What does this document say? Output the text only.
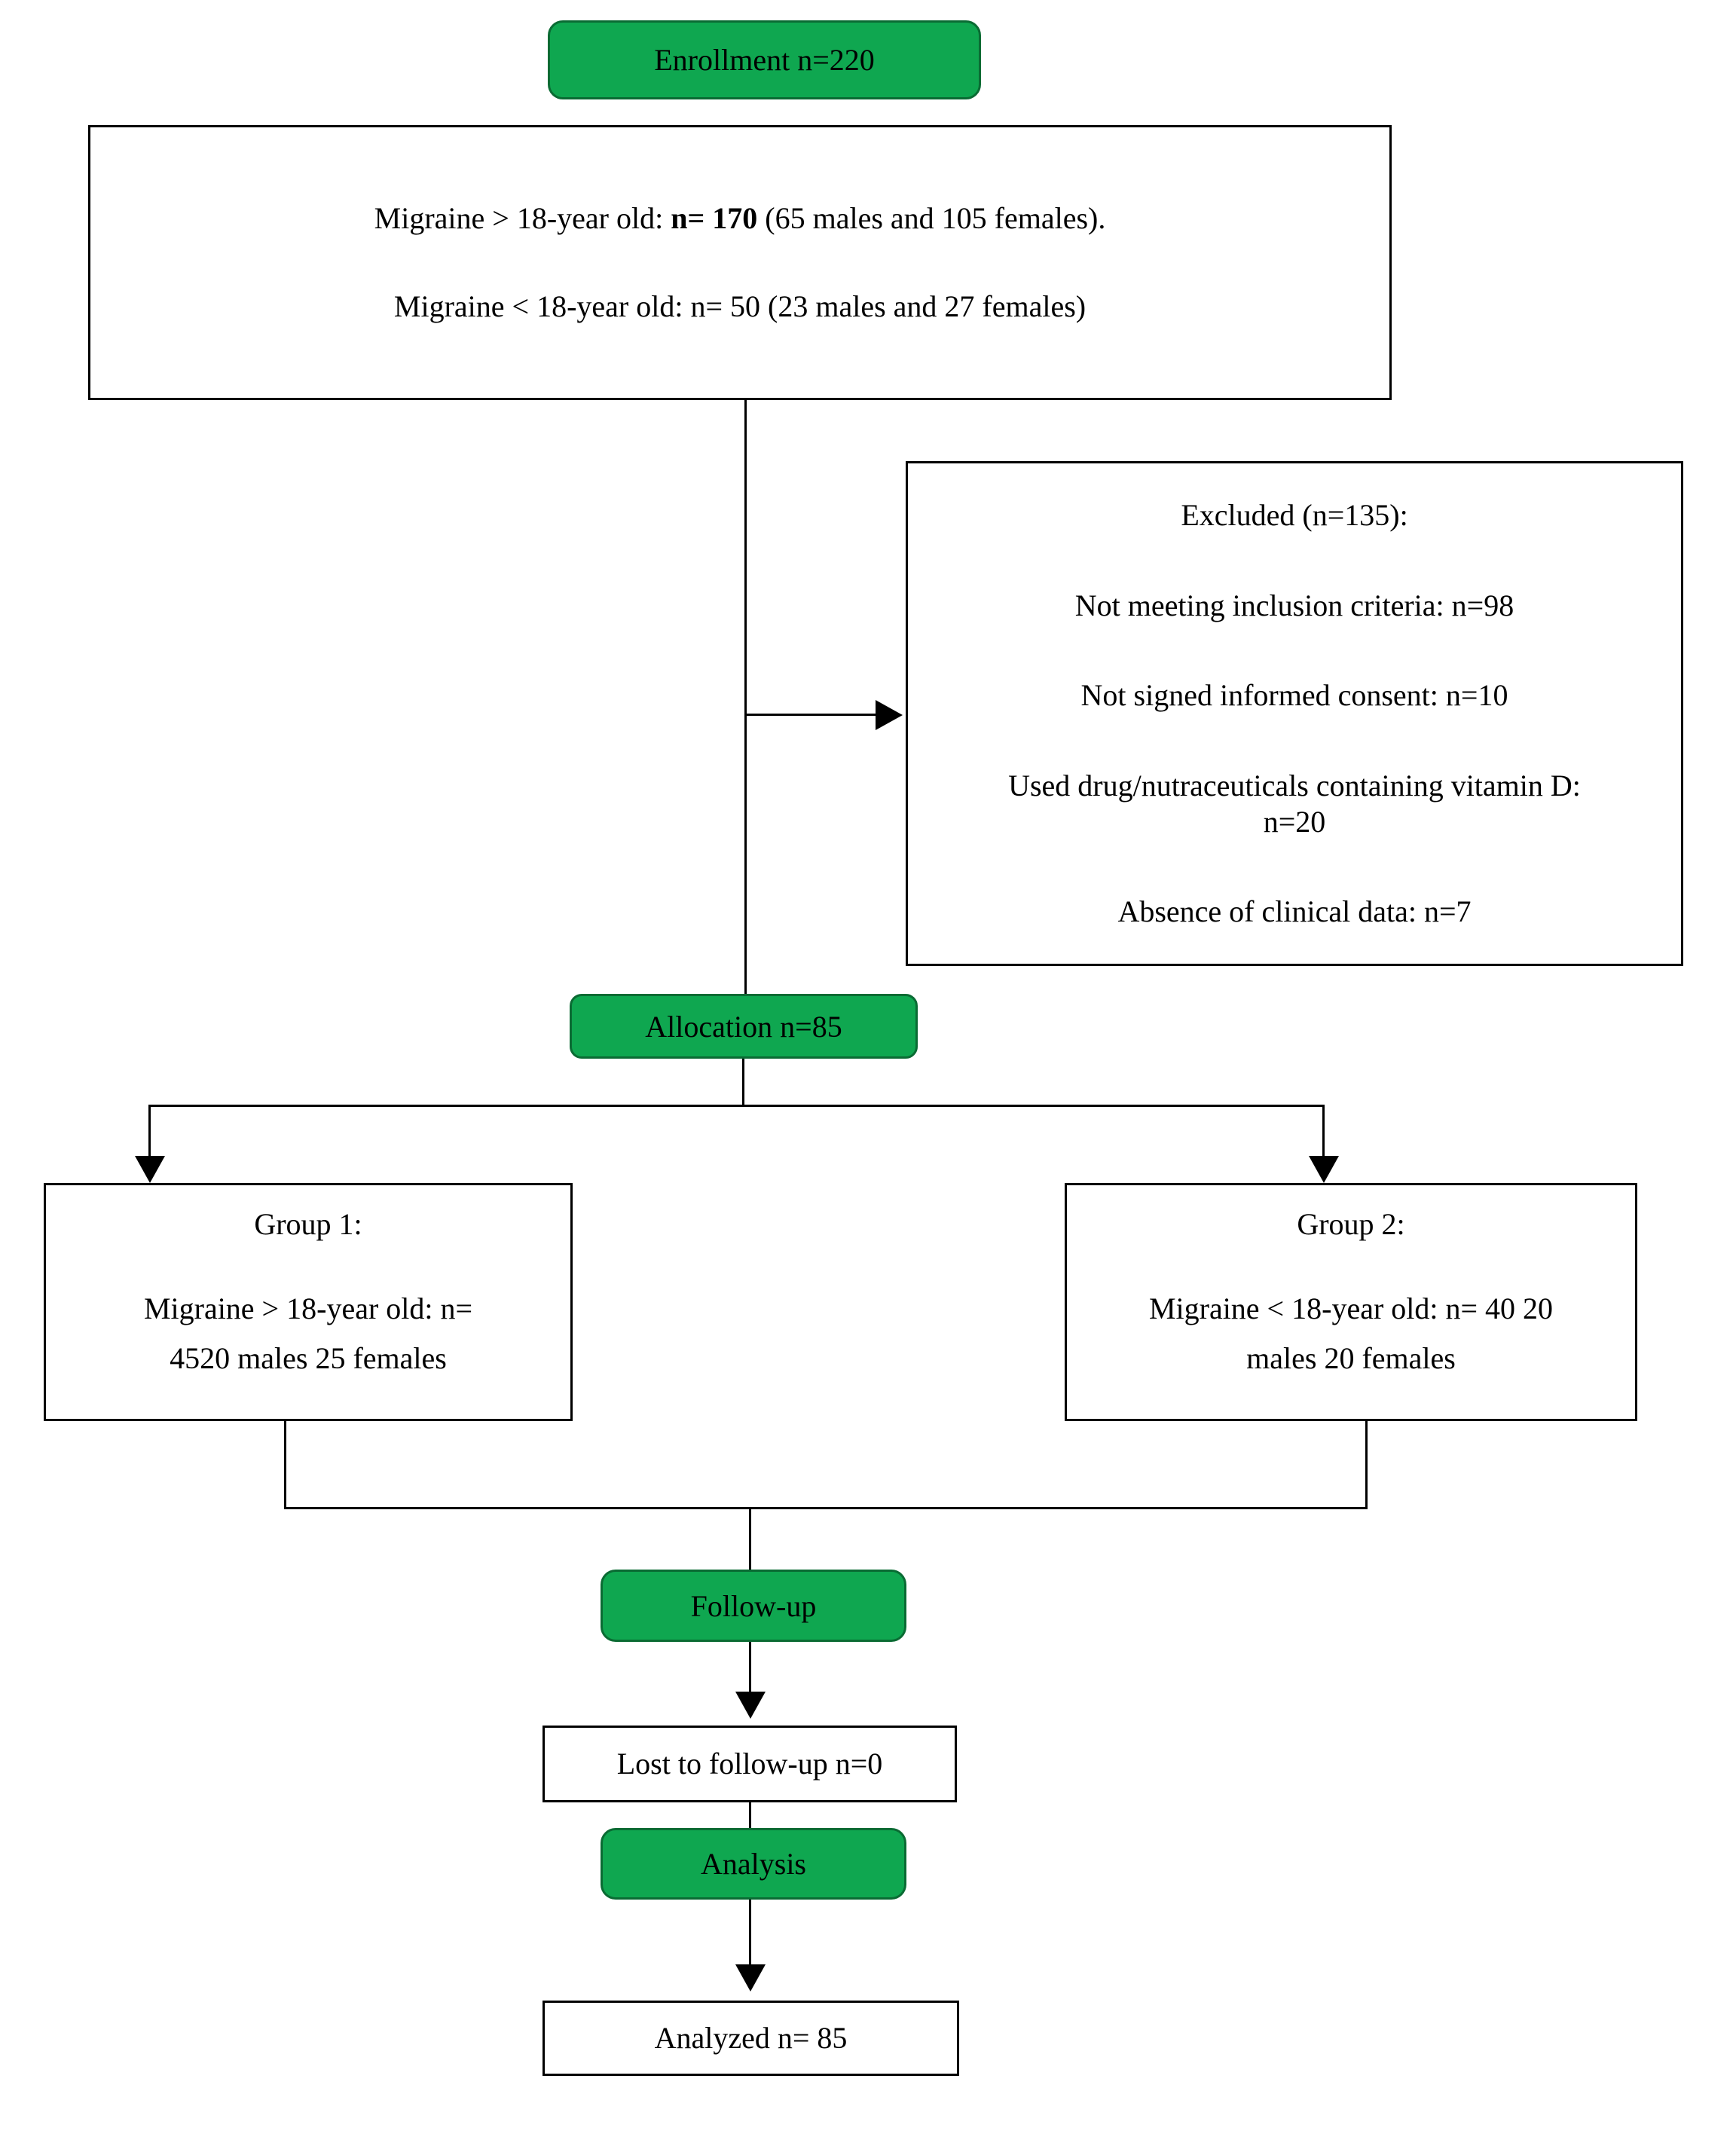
Enrollment n=220
Migraine > 18-year old: n= 170 (65 males and 105 females).
Migraine < 18-year old: n= 50 (23 males and 27 females)
Excluded (n=135):
Not meeting inclusion criteria: n=98
Not signed informed consent: n=10
Used drug/nutraceuticals containing vitamin D:
n=20
Absence of clinical data: n=7
Allocation n=85
Group 1:
Migraine > 18-year old: n=
4520 males 25 females
Group 2:
Migraine < 18-year old: n= 40 20
males 20 females
Follow-up
Lost to follow-up n=0
Analysis
Analyzed n= 85
